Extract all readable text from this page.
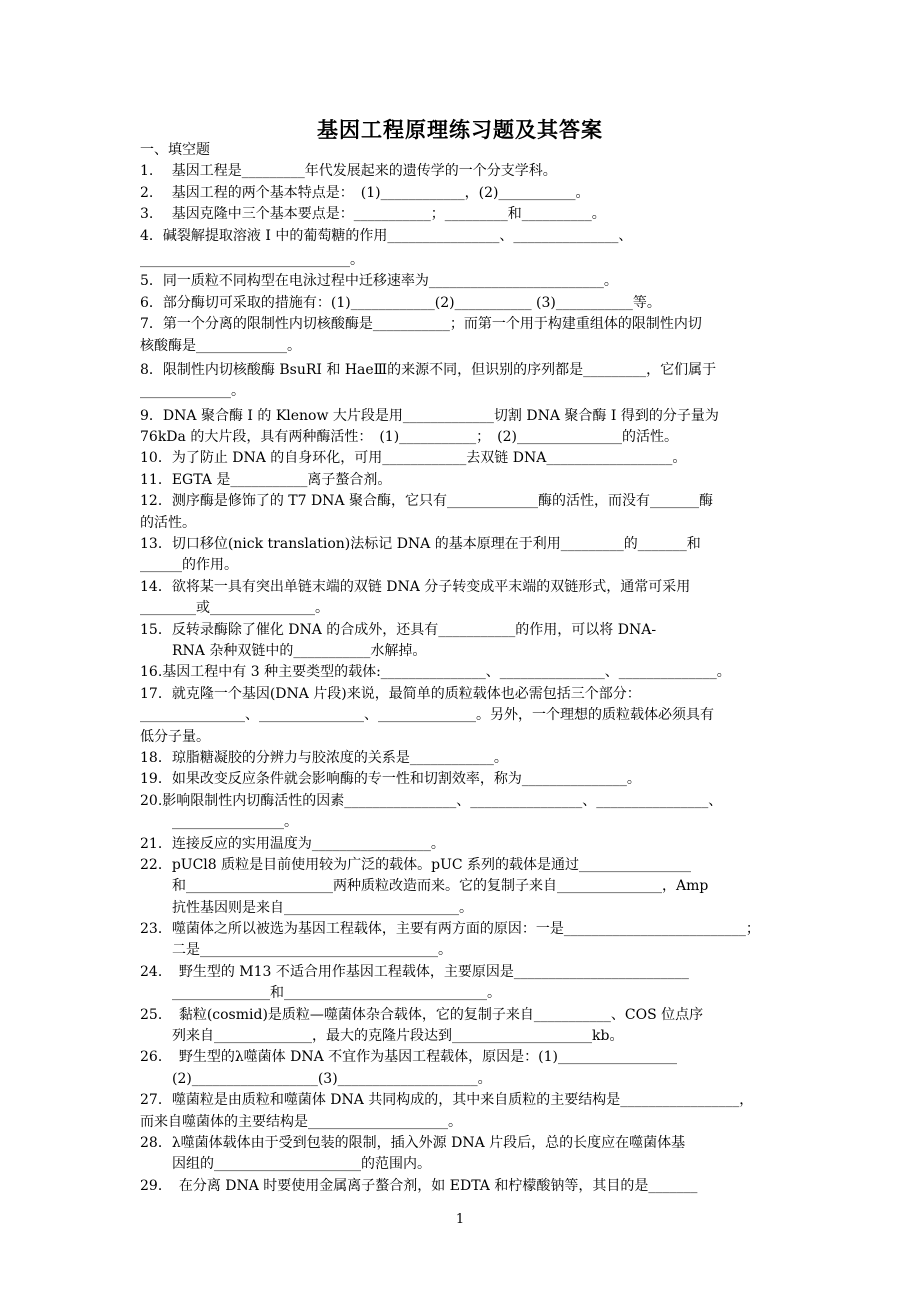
基因工程原理练习题及其答案
一、填空题
1.　 基因工程是_________年代发展起来的遗传学的一个分支学科。
2.　 基因工程的两个基本特点是：　(1)____________，(2)___________。
3.　 基因克隆中三个基本要点是：___________；_________和__________。
4．碱裂解提取溶液 I 中的葡萄糖的作用________________、_______________、
______________________________。
5．同一质粒不同构型在电泳过程中迁移速率为_________________________。
6．部分酶切可采取的措施有：(1)____________(2)___________ (3)___________等。
7．第一个分离的限制性内切核酸酶是___________；而第一个用于构建重组体的限制性内切
核酸酶是_____________。
8．限制性内切核酸酶 BsuRI 和 HaeⅢ的来源不同，但识别的序列都是_________，它们属于
_____________。
9．DNA 聚合酶 I 的 Klenow 大片段是用_____________切割 DNA 聚合酶 I 得到的分子量为
76kDa 的大片段，具有两种酶活性：　(1)___________；　(2)_______________的活性。
10．为了防止 DNA 的自身环化，可用____________去双链 DNA__________________。
11．EGTA 是___________离子螯合剂。
12．测序酶是修饰了的 T7 DNA 聚合酶，它只有_____________酶的活性，而没有_______酶
的活性。
13．切口移位(nick translation)法标记 DNA 的基本原理在于利用_________的_______和
______的作用。
14．欲将某一具有突出单链末端的双链 DNA 分子转变成平末端的双链形式，通常可采用
________或_______________。
15．反转录酶除了催化 DNA 的合成外，还具有___________的作用，可以将 DNA-
RNA 杂种双链中的___________水解掉。
16.基因工程中有 3 种主要类型的载体:_______________、_______________、______________。
17．就克隆一个基因(DNA 片段)来说，最简单的质粒载体也必需包括三个部分：
_______________、_______________、______________。另外，一个理想的质粒载体必须具有
低分子量。
18．琼脂糖凝胶的分辨力与胶浓度的关系是____________。
19．如果改变反应条件就会影响酶的专一性和切割效率，称为_______________。
20.影响限制性内切酶活性的因素________________、________________、________________、
________________。
21．连接反应的实用温度为_________________。
22．pUCl8 质粒是目前使用较为广泛的载体。pUC 系列的载体是通过________________
和_____________________两种质粒改造而来。它的复制子来自_______________，Amp
抗性基因则是来自_________________________。
23．噬菌体之所以被选为基因工程载体，主要有两方面的原因：一是__________________________；
二是__________________________________。
24．　野生型的 M13 不适合用作基因工程载体，主要原因是_________________________
______________和_____________________________。
25．　黏粒(cosmid)是质粒—噬菌体杂合载体，它的复制子来自___________、COS 位点序
列来自______________，最大的克隆片段达到____________________kb。
26．　野生型的λ噬菌体 DNA 不宜作为基因工程载体，原因是：(1)_________________
(2)__________________(3)____________________。
27．噬菌粒是由质粒和噬菌体 DNA 共同构成的，其中来自质粒的主要结构是_________________，
而来自噬菌体的主要结构是____________________。
28．λ噬菌体载体由于受到包装的限制，插入外源 DNA 片段后，总的长度应在噬菌体基
因组的_____________________的范围内。
29．　在分离 DNA 时要使用金属离子螯合剂，如 EDTA 和柠檬酸钠等，其目的是_______
1
